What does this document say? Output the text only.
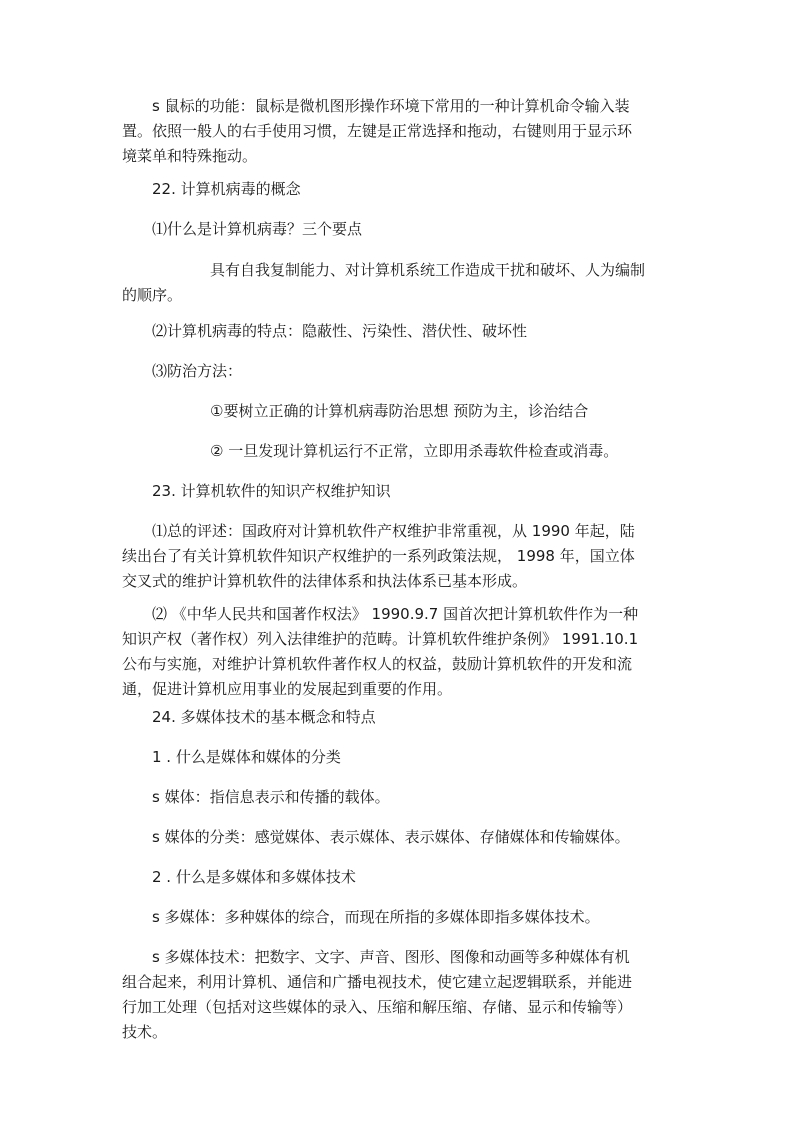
s 鼠标的功能：鼠标是微机图形操作环境下常用的一种计算机命令输入装
置。依照一般人的右手使用习惯，左键是正常选择和拖动，右键则用于显示环
境菜单和特殊拖动。
22. 计算机病毒的概念
⑴什么是计算机病毒？三个要点
具有自我复制能力、对计算机系统工作造成干扰和破坏、人为编制
的顺序。
⑵计算机病毒的特点：隐蔽性、污染性、潜伏性、破坏性
⑶防治方法：
①要树立正确的计算机病毒防治思想 预防为主，诊治结合
② 一旦发现计算机运行不正常，立即用杀毒软件检查或消毒。
23. 计算机软件的知识产权维护知识
⑴总的评述：国政府对计算机软件产权维护非常重视，从 1990 年起，陆
续出台了有关计算机软件知识产权维护的一系列政策法规， 1998 年，国立体
交叉式的维护计算机软件的法律体系和执法体系已基本形成。
⑵ 《中华人民共和国著作权法》 1990.9.7 国首次把计算机软件作为一种
知识产权（著作权）列入法律维护的范畴。计算机软件维护条例》 1991.10.1
公布与实施，对维护计算机软件著作权人的权益，鼓励计算机软件的开发和流
通，促进计算机应用事业的发展起到重要的作用。
24. 多媒体技术的基本概念和特点
1 . 什么是媒体和媒体的分类
s 媒体：指信息表示和传播的载体。
s 媒体的分类：感觉媒体、表示媒体、表示媒体、存储媒体和传输媒体。
2 . 什么是多媒体和多媒体技术
s 多媒体：多种媒体的综合，而现在所指的多媒体即指多媒体技术。
s 多媒体技术：把数字、文字、声音、图形、图像和动画等多种媒体有机
组合起来，利用计算机、通信和广播电视技术，使它建立起逻辑联系，并能进
行加工处理（包括对这些媒体的录入、压缩和解压缩、存储、显示和传输等）
技术。
